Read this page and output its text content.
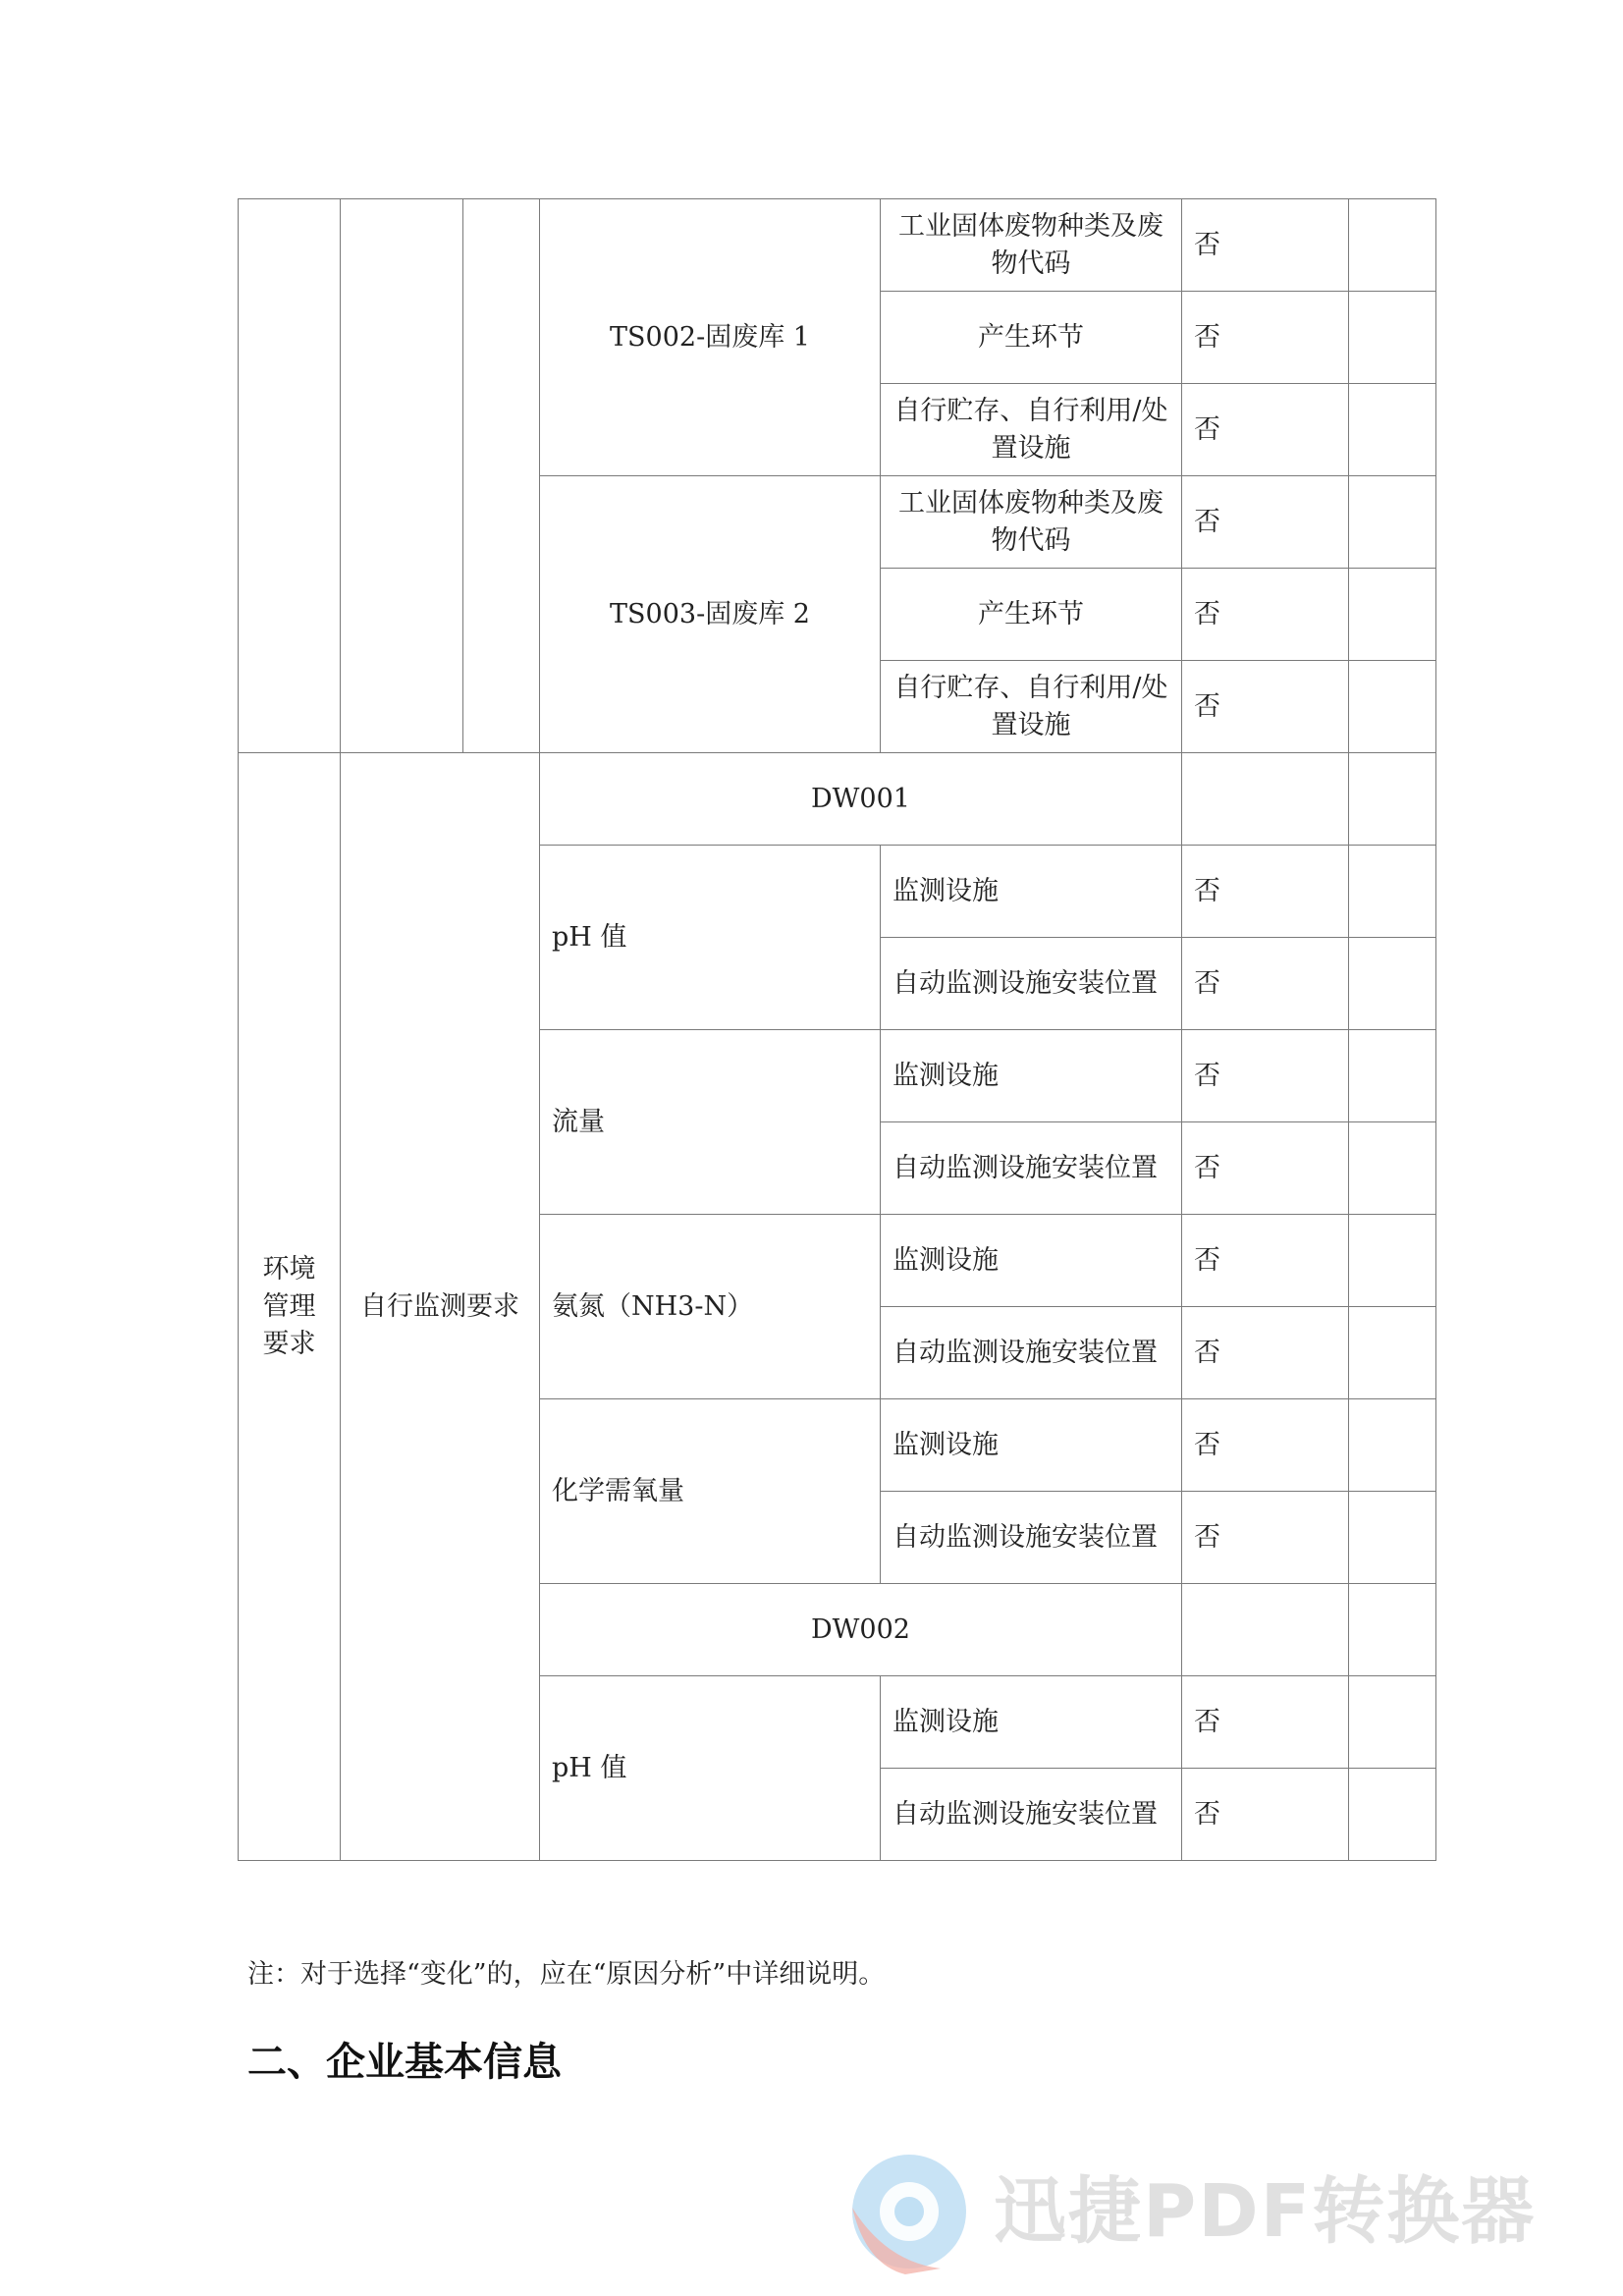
			TS002-固废库 1	工业固体废物种类及废物代码	否	
				产生环节	否	
				自行贮存、自行利用/处置设施	否	
			TS003-固废库 2	工业固体废物种类及废物代码	否	
				产生环节	否	
				自行贮存、自行利用/处置设施	否	
环境管理要求	自行监测要求		DW001			
			pH 值	监测设施	否	
				自动监测设施安装位置	否	
			流量	监测设施	否	
				自动监测设施安装位置	否	
			氨氮（NH3-N）	监测设施	否	
				自动监测设施安装位置	否	
			化学需氧量	监测设施	否	
				自动监测设施安装位置	否	
			DW002			
			pH 值	监测设施	否	
				自动监测设施安装位置	否	
注：对于选择“变化”的，应在“原因分析”中详细说明。
二、企业基本信息
迅捷PDF转换器
